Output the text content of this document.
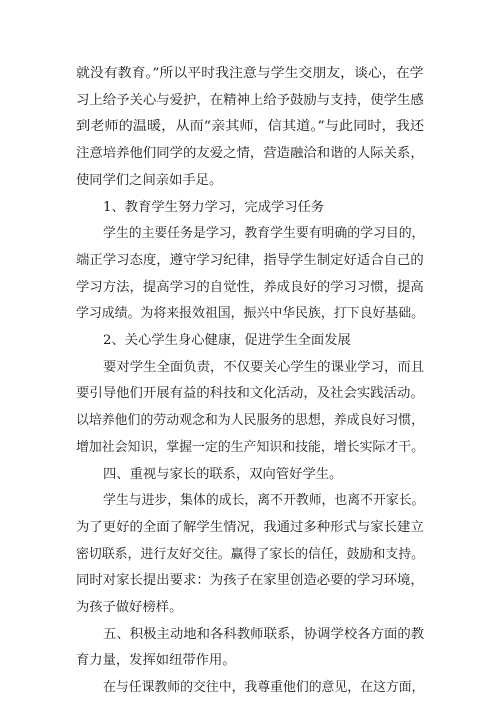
就没有教育。”所以平时我注意与学生交朋友，谈心，在学
习上给予关心与爱护，在精神上给予鼓励与支持，使学生感
到老师的温暖，从而“亲其师，信其道。”与此同时，我还
注意培养他们同学的友爱之情，营造融洽和谐的人际关系，
使同学们之间亲如手足。
1、教育学生努力学习，完成学习任务
学生的主要任务是学习，教育学生要有明确的学习目的，
端正学习态度，遵守学习纪律，指导学生制定好适合自己的
学习方法，提高学习的自觉性，养成良好的学习习惯，提高
学习成绩。为将来报效祖国，振兴中华民族，打下良好基础。
2、关心学生身心健康，促进学生全面发展
要对学生全面负责，不仅要关心学生的课业学习，而且
要引导他们开展有益的科技和文化活动，及社会实践活动。
以培养他们的劳动观念和为人民服务的思想，养成良好习惯，
增加社会知识，掌握一定的生产知识和技能，增长实际才干。
四、重视与家长的联系，双向管好学生。
学生与进步，集体的成长，离不开教师，也离不开家长。
为了更好的全面了解学生情况，我通过多种形式与家长建立
密切联系，进行友好交往。赢得了家长的信任，鼓励和支持。
同时对家长提出要求：为孩子在家里创造必要的学习环境，
为孩子做好榜样。
五、积极主动地和各科教师联系，协调学校各方面的教
育力量，发挥如纽带作用。
在与任课教师的交往中，我尊重他们的意见，在这方面，
